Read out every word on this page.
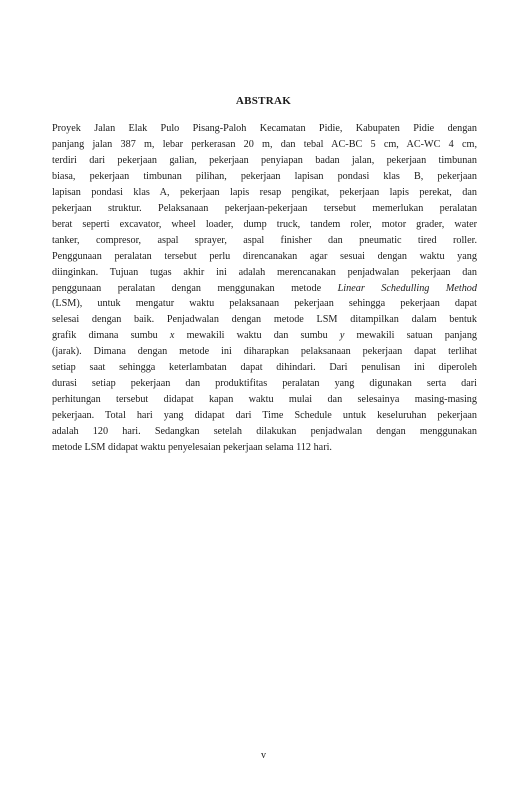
ABSTRAK
Proyek Jalan Elak Pulo Pisang-Paloh Kecamatan Pidie, Kabupaten Pidie dengan
panjang jalan 387 m, lebar perkerasan 20 m, dan tebal AC-BC 5 cm, AC-WC 4 cm,
terdiri dari pekerjaan galian, pekerjaan penyiapan badan jalan, pekerjaan timbunan
biasa, pekerjaan timbunan pilihan, pekerjaan lapisan pondasi klas B, pekerjaan
lapisan pondasi klas A, pekerjaan lapis resap pengikat, pekerjaan lapis perekat, dan
pekerjaan struktur. Pelaksanaan pekerjaan-pekerjaan tersebut memerlukan peralatan
berat seperti excavator, wheel loader, dump truck, tandem roler, motor grader, water
tanker, compresor, aspal sprayer, aspal finisher dan pneumatic tired roller.
Penggunaan peralatan tersebut perlu direncanakan agar sesuai dengan waktu yang
diinginkan. Tujuan tugas akhir ini adalah merencanakan penjadwalan pekerjaan dan
penggunaan peralatan dengan menggunakan metode Linear Schedulling Method
(LSM), untuk mengatur waktu pelaksanaan pekerjaan sehingga pekerjaan dapat
selesai dengan baik. Penjadwalan dengan metode LSM ditampilkan dalam bentuk
grafik dimana sumbu x mewakili waktu dan sumbu y mewakili satuan panjang
(jarak). Dimana dengan metode ini diharapkan pelaksanaan pekerjaan dapat terlihat
setiap saat sehingga keterlambatan dapat dihindari. Dari penulisan ini diperoleh
durasi setiap pekerjaan dan produktifitas peralatan yang digunakan serta dari
perhitungan tersebut didapat kapan waktu mulai dan selesainya masing-masing
pekerjaan. Total hari yang didapat dari Time Schedule untuk keseluruhan pekerjaan
adalah 120 hari. Sedangkan setelah dilakukan penjadwalan dengan menggunakan
metode LSM didapat waktu penyelesaian pekerjaan selama 112 hari.
v
